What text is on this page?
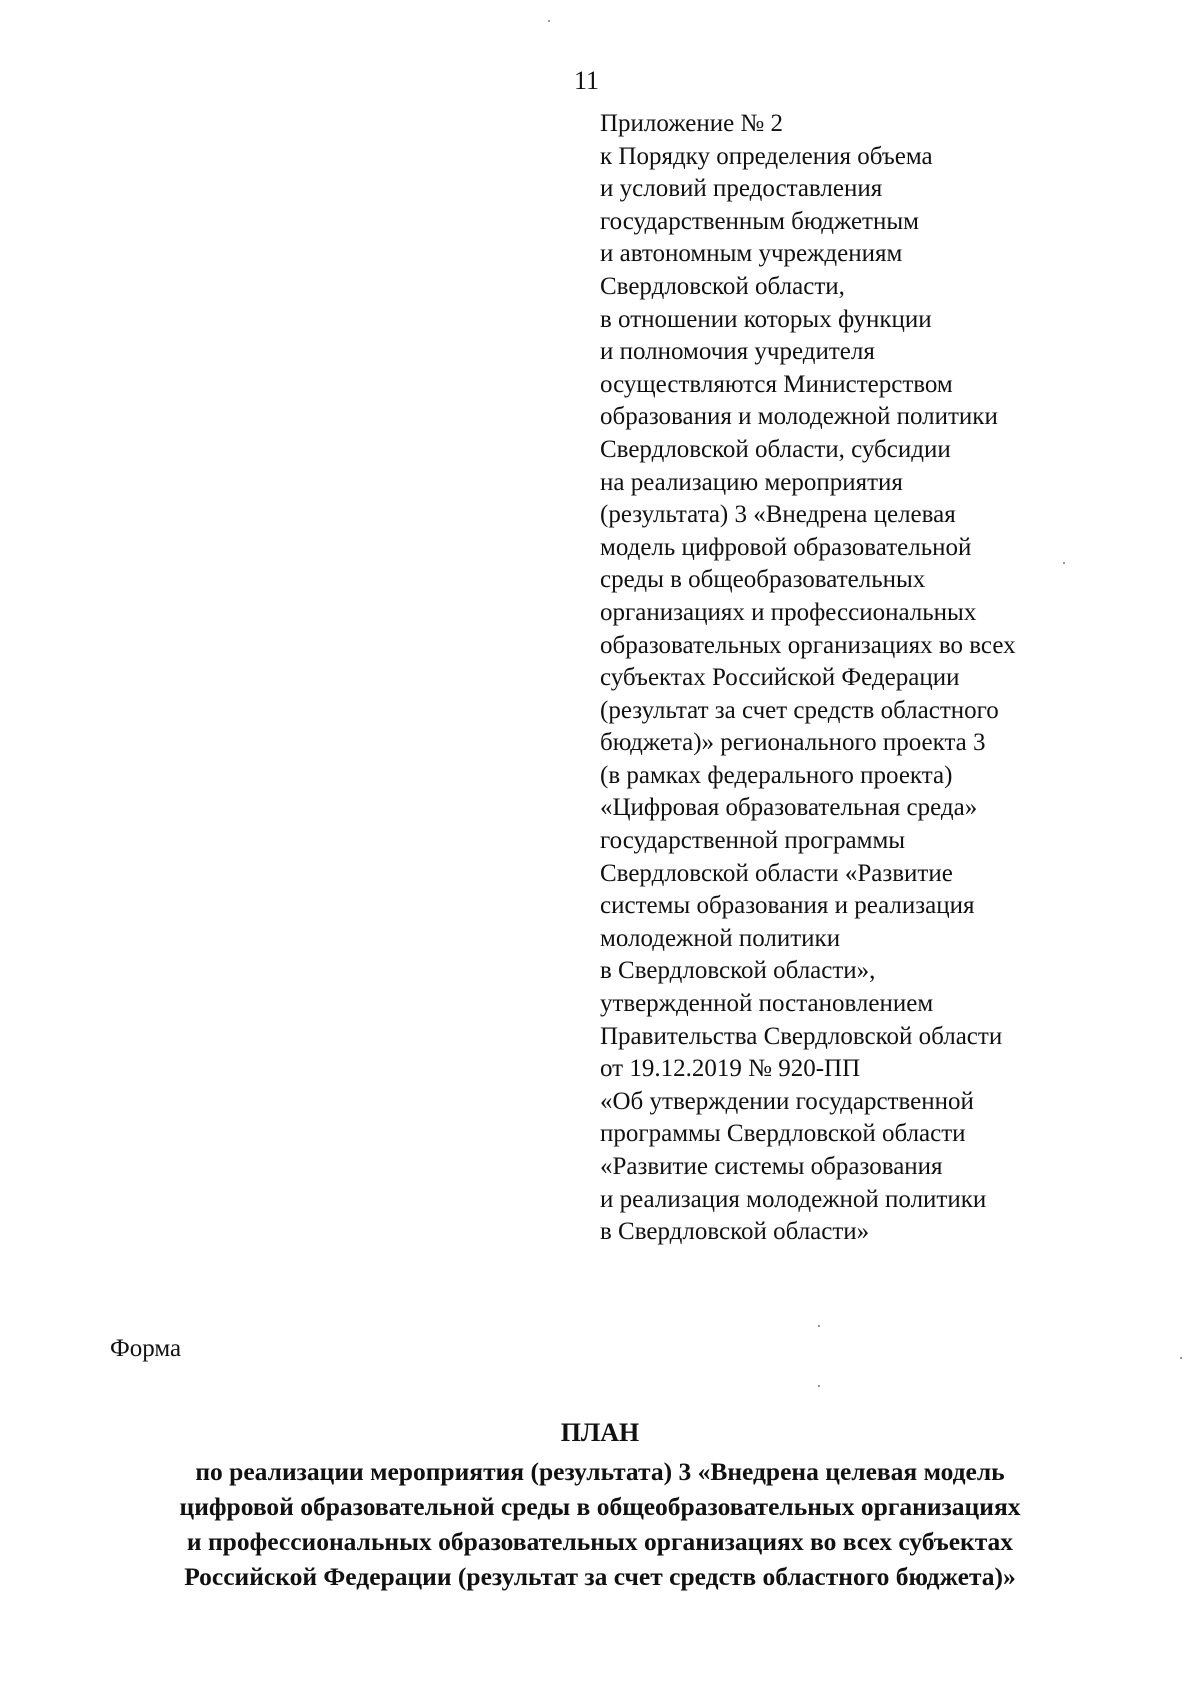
11
Приложение № 2
к Порядку определения объема
и условий предоставления
государственным бюджетным
и автономным учреждениям
Свердловской области,
в отношении которых функции
и полномочия учредителя
осуществляются Министерством
образования и молодежной политики
Свердловской области, субсидии
на реализацию мероприятия
(результата) 3 «Внедрена целевая
модель цифровой образовательной
среды в общеобразовательных
организациях и профессиональных
образовательных организациях во всех
субъектах Российской Федерации
(результат за счет средств областного
бюджета)» регионального проекта 3
(в рамках федерального проекта)
«Цифровая образовательная среда»
государственной программы
Свердловской области «Развитие
системы образования и реализация
молодежной политики
в Свердловской области»,
утвержденной постановлением
Правительства Свердловской области
от 19.12.2019 № 920-ПП
«Об утверждении государственной
программы Свердловской области
«Развитие системы образования
и реализация молодежной политики
в Свердловской области»
Форма
ПЛАН
по реализации мероприятия (результата) 3 «Внедрена целевая модель
цифровой образовательной среды в общеобразовательных организациях
и профессиональных образовательных организациях во всех субъектах
Российской Федерации (результат за счет средств областного бюджета)»
